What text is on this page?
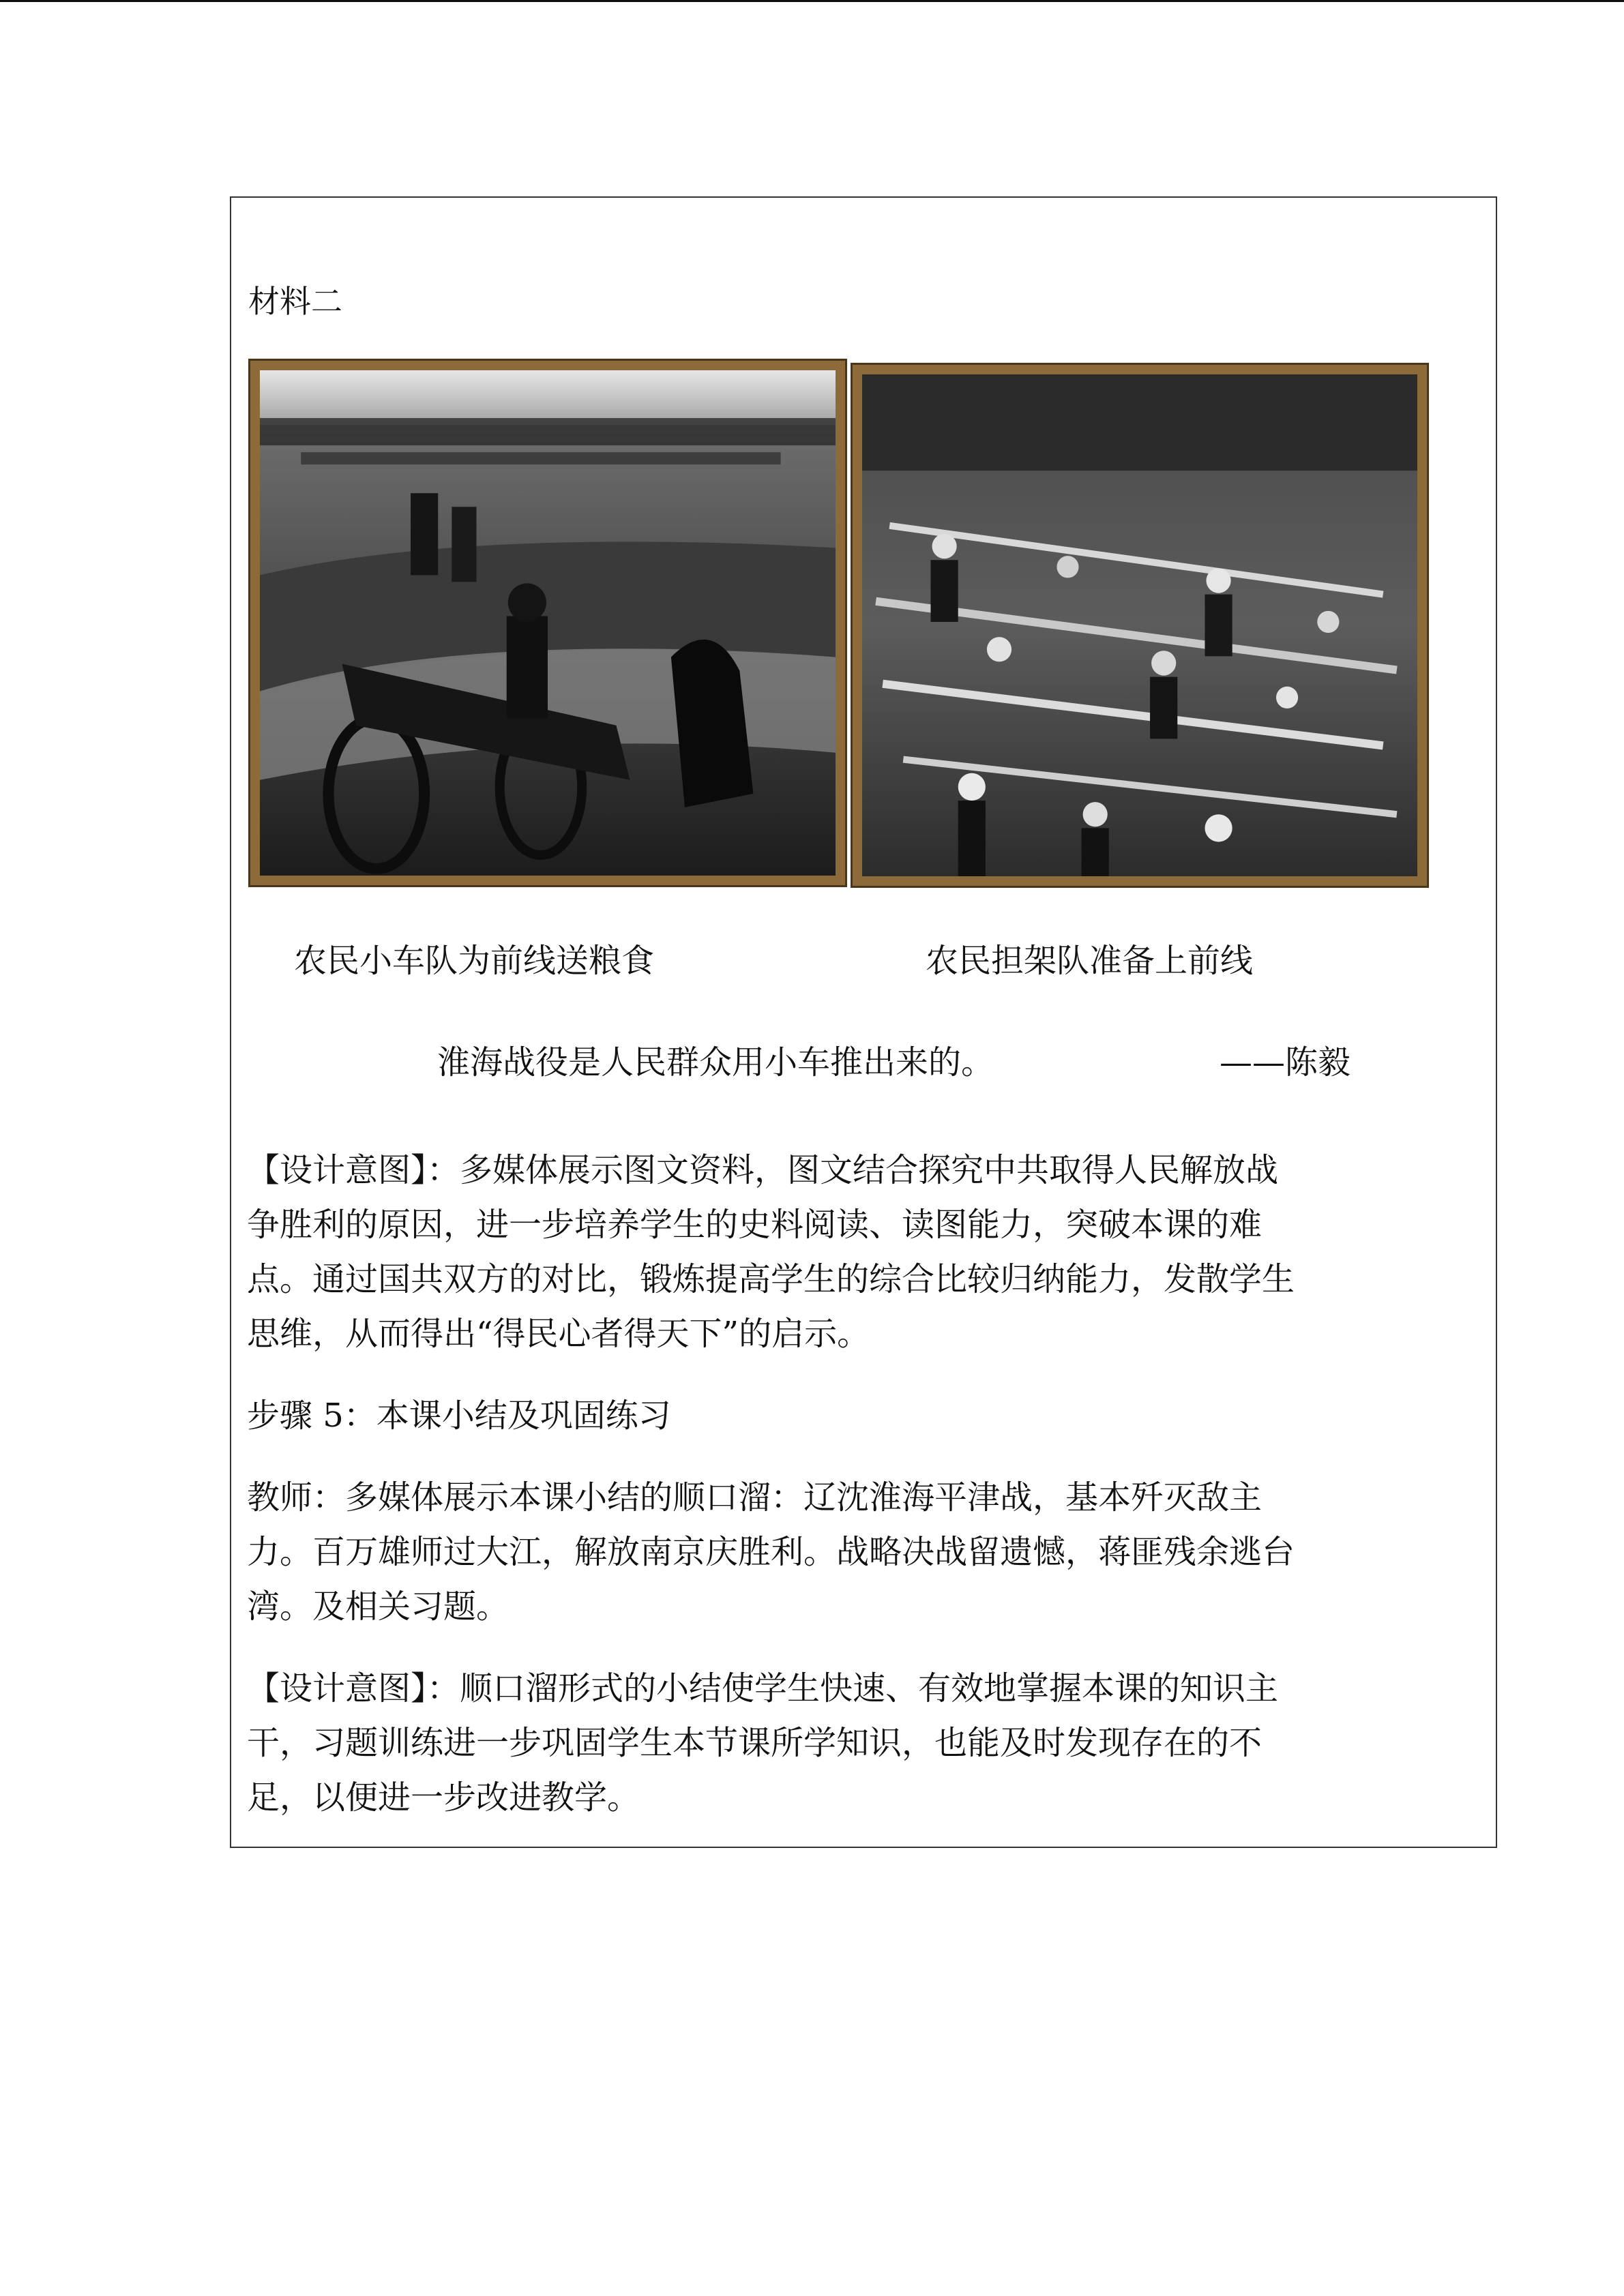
材料二
农民小车队为前线送粮食	农民担架队准备上前线
淮海战役是人民群众用小车推出来的。	——陈毅
【设计意图】：多媒体展示图文资料，图文结合探究中共取得人民解放战
争胜利的原因，进一步培养学生的史料阅读、读图能力，突破本课的难
点。通过国共双方的对比，锻炼提高学生的综合比较归纳能力，发散学生
思维，从而得出“得民心者得天下”的启示。
步骤 5：本课小结及巩固练习
教师：多媒体展示本课小结的顺口溜：辽沈淮海平津战，基本歼灭敌主
力。百万雄师过大江，解放南京庆胜利。战略决战留遗憾，蒋匪残余逃台
湾。及相关习题。
【设计意图】：顺口溜形式的小结使学生快速、有效地掌握本课的知识主
干，习题训练进一步巩固学生本节课所学知识，也能及时发现存在的不
足，以便进一步改进教学。
